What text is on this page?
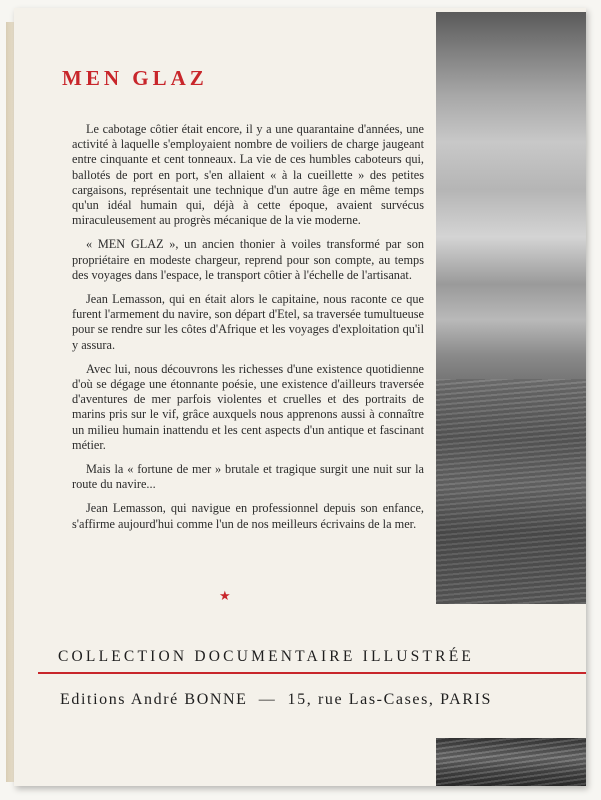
MEN GLAZ

Le cabotage côtier était encore, il y a une quarantaine d'années, une activité à laquelle s'employaient nombre de voiliers de charge jaugeant entre cinquante et cent tonneaux. La vie de ces humbles caboteurs qui, ballotés de port en port, s'en allaient « à la cueillette » des petites cargaisons, représentait une technique d'un autre âge en même temps qu'un idéal humain qui, déjà à cette époque, avaient survécus miraculeusement au progrès mécanique de la vie moderne.

« MEN GLAZ », un ancien thonier à voiles transformé par son propriétaire en modeste chargeur, reprend pour son compte, au temps des voyages dans l'espace, le transport côtier à l'échelle de l'artisanat.

Jean Lemasson, qui en était alors le capitaine, nous raconte ce que furent l'armement du navire, son départ d'Etel, sa traversée tumultueuse pour se rendre sur les côtes d'Afrique et les voyages d'exploitation qu'il y assura.

Avec lui, nous découvrons les richesses d'une existence quotidienne d'où se dégage une étonnante poésie, une existence d'ailleurs traversée d'aventures de mer parfois violentes et cruelles et des portraits de marins pris sur le vif, grâce auxquels nous apprenons aussi à connaître un milieu humain inattendu et les cent aspects d'un antique et fascinant métier.

Mais la « fortune de mer » brutale et tragique surgit une nuit sur la route du navire...

Jean Lemasson, qui navigue en professionnel depuis son enfance, s'affirme aujourd'hui comme l'un de nos meilleurs écrivains de la mer.

★
COLLECTION DOCUMENTAIRE ILLUSTRÉE
Editions André BONNE  —  15, rue Las-Cases, PARIS
